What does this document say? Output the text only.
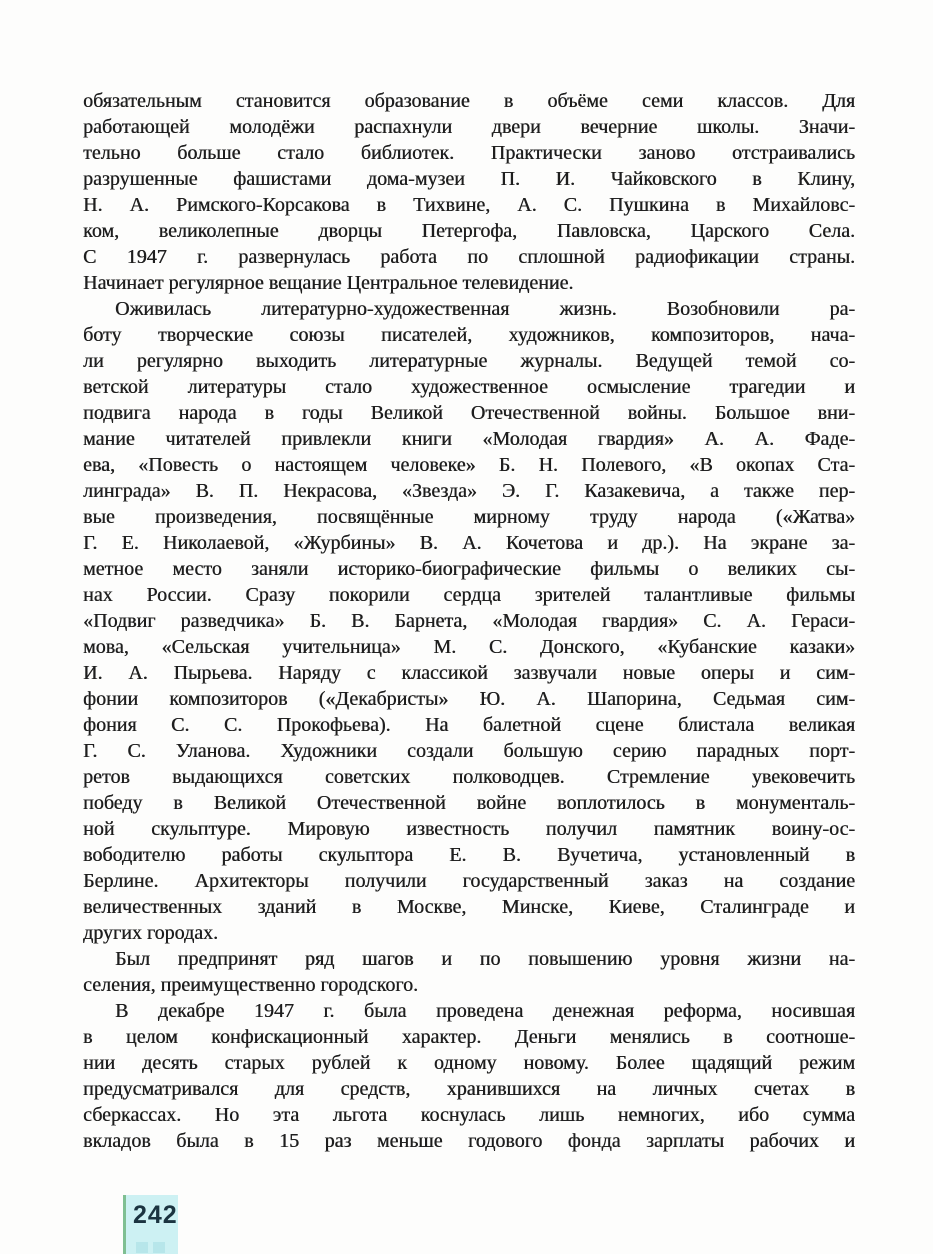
обязательным становится образование в объёме семи классов. Для
работающей молодёжи распахнули двери вечерние школы. Значи-
тельно больше стало библиотек. Практически заново отстраивались
разрушенные фашистами дома-музеи П. И. Чайковского в Клину,
Н. А. Римского-Корсакова в Тихвине, А. С. Пушкина в Михайловс-
ком, великолепные дворцы Петергофа, Павловска, Царского Села.
С 1947 г. развернулась работа по сплошной радиофикации страны.
Начинает регулярное вещание Центральное телевидение.
Оживилась литературно-художественная жизнь. Возобновили ра-
боту творческие союзы писателей, художников, композиторов, нача-
ли регулярно выходить литературные журналы. Ведущей темой со-
ветской литературы стало художественное осмысление трагедии и
подвига народа в годы Великой Отечественной войны. Большое вни-
мание читателей привлекли книги «Молодая гвардия» А. А. Фаде-
ева, «Повесть о настоящем человеке» Б. Н. Полевого, «В окопах Ста-
линграда» В. П. Некрасова, «Звезда» Э. Г. Казакевича, а также пер-
вые произведения, посвящённые мирному труду народа («Жатва»
Г. Е. Николаевой, «Журбины» В. А. Кочетова и др.). На экране за-
метное место заняли историко-биографические фильмы о великих сы-
нах России. Сразу покорили сердца зрителей талантливые фильмы
«Подвиг разведчика» Б. В. Барнета, «Молодая гвардия» С. А. Гераси-
мова, «Сельская учительница» М. С. Донского, «Кубанские казаки»
И. А. Пырьева. Наряду с классикой зазвучали новые оперы и сим-
фонии композиторов («Декабристы» Ю. А. Шапорина, Седьмая сим-
фония С. С. Прокофьева). На балетной сцене блистала великая
Г. С. Уланова. Художники создали большую серию парадных порт-
ретов выдающихся советских полководцев. Стремление увековечить
победу в Великой Отечественной войне воплотилось в монументаль-
ной скульптуре. Мировую известность получил памятник воину-ос-
вободителю работы скульптора Е. В. Вучетича, установленный в
Берлине. Архитекторы получили государственный заказ на создание
величественных зданий в Москве, Минске, Киеве, Сталинграде и
других городах.
Был предпринят ряд шагов и по повышению уровня жизни на-
селения, преимущественно городского.
В декабре 1947 г. была проведена денежная реформа, носившая
в целом конфискационный характер. Деньги менялись в соотноше-
нии десять старых рублей к одному новому. Более щадящий режим
предусматривался для средств, хранившихся на личных счетах в
сберкассах. Но эта льгота коснулась лишь немногих, ибо сумма
вкладов была в 15 раз меньше годового фонда зарплаты рабочих и
242
